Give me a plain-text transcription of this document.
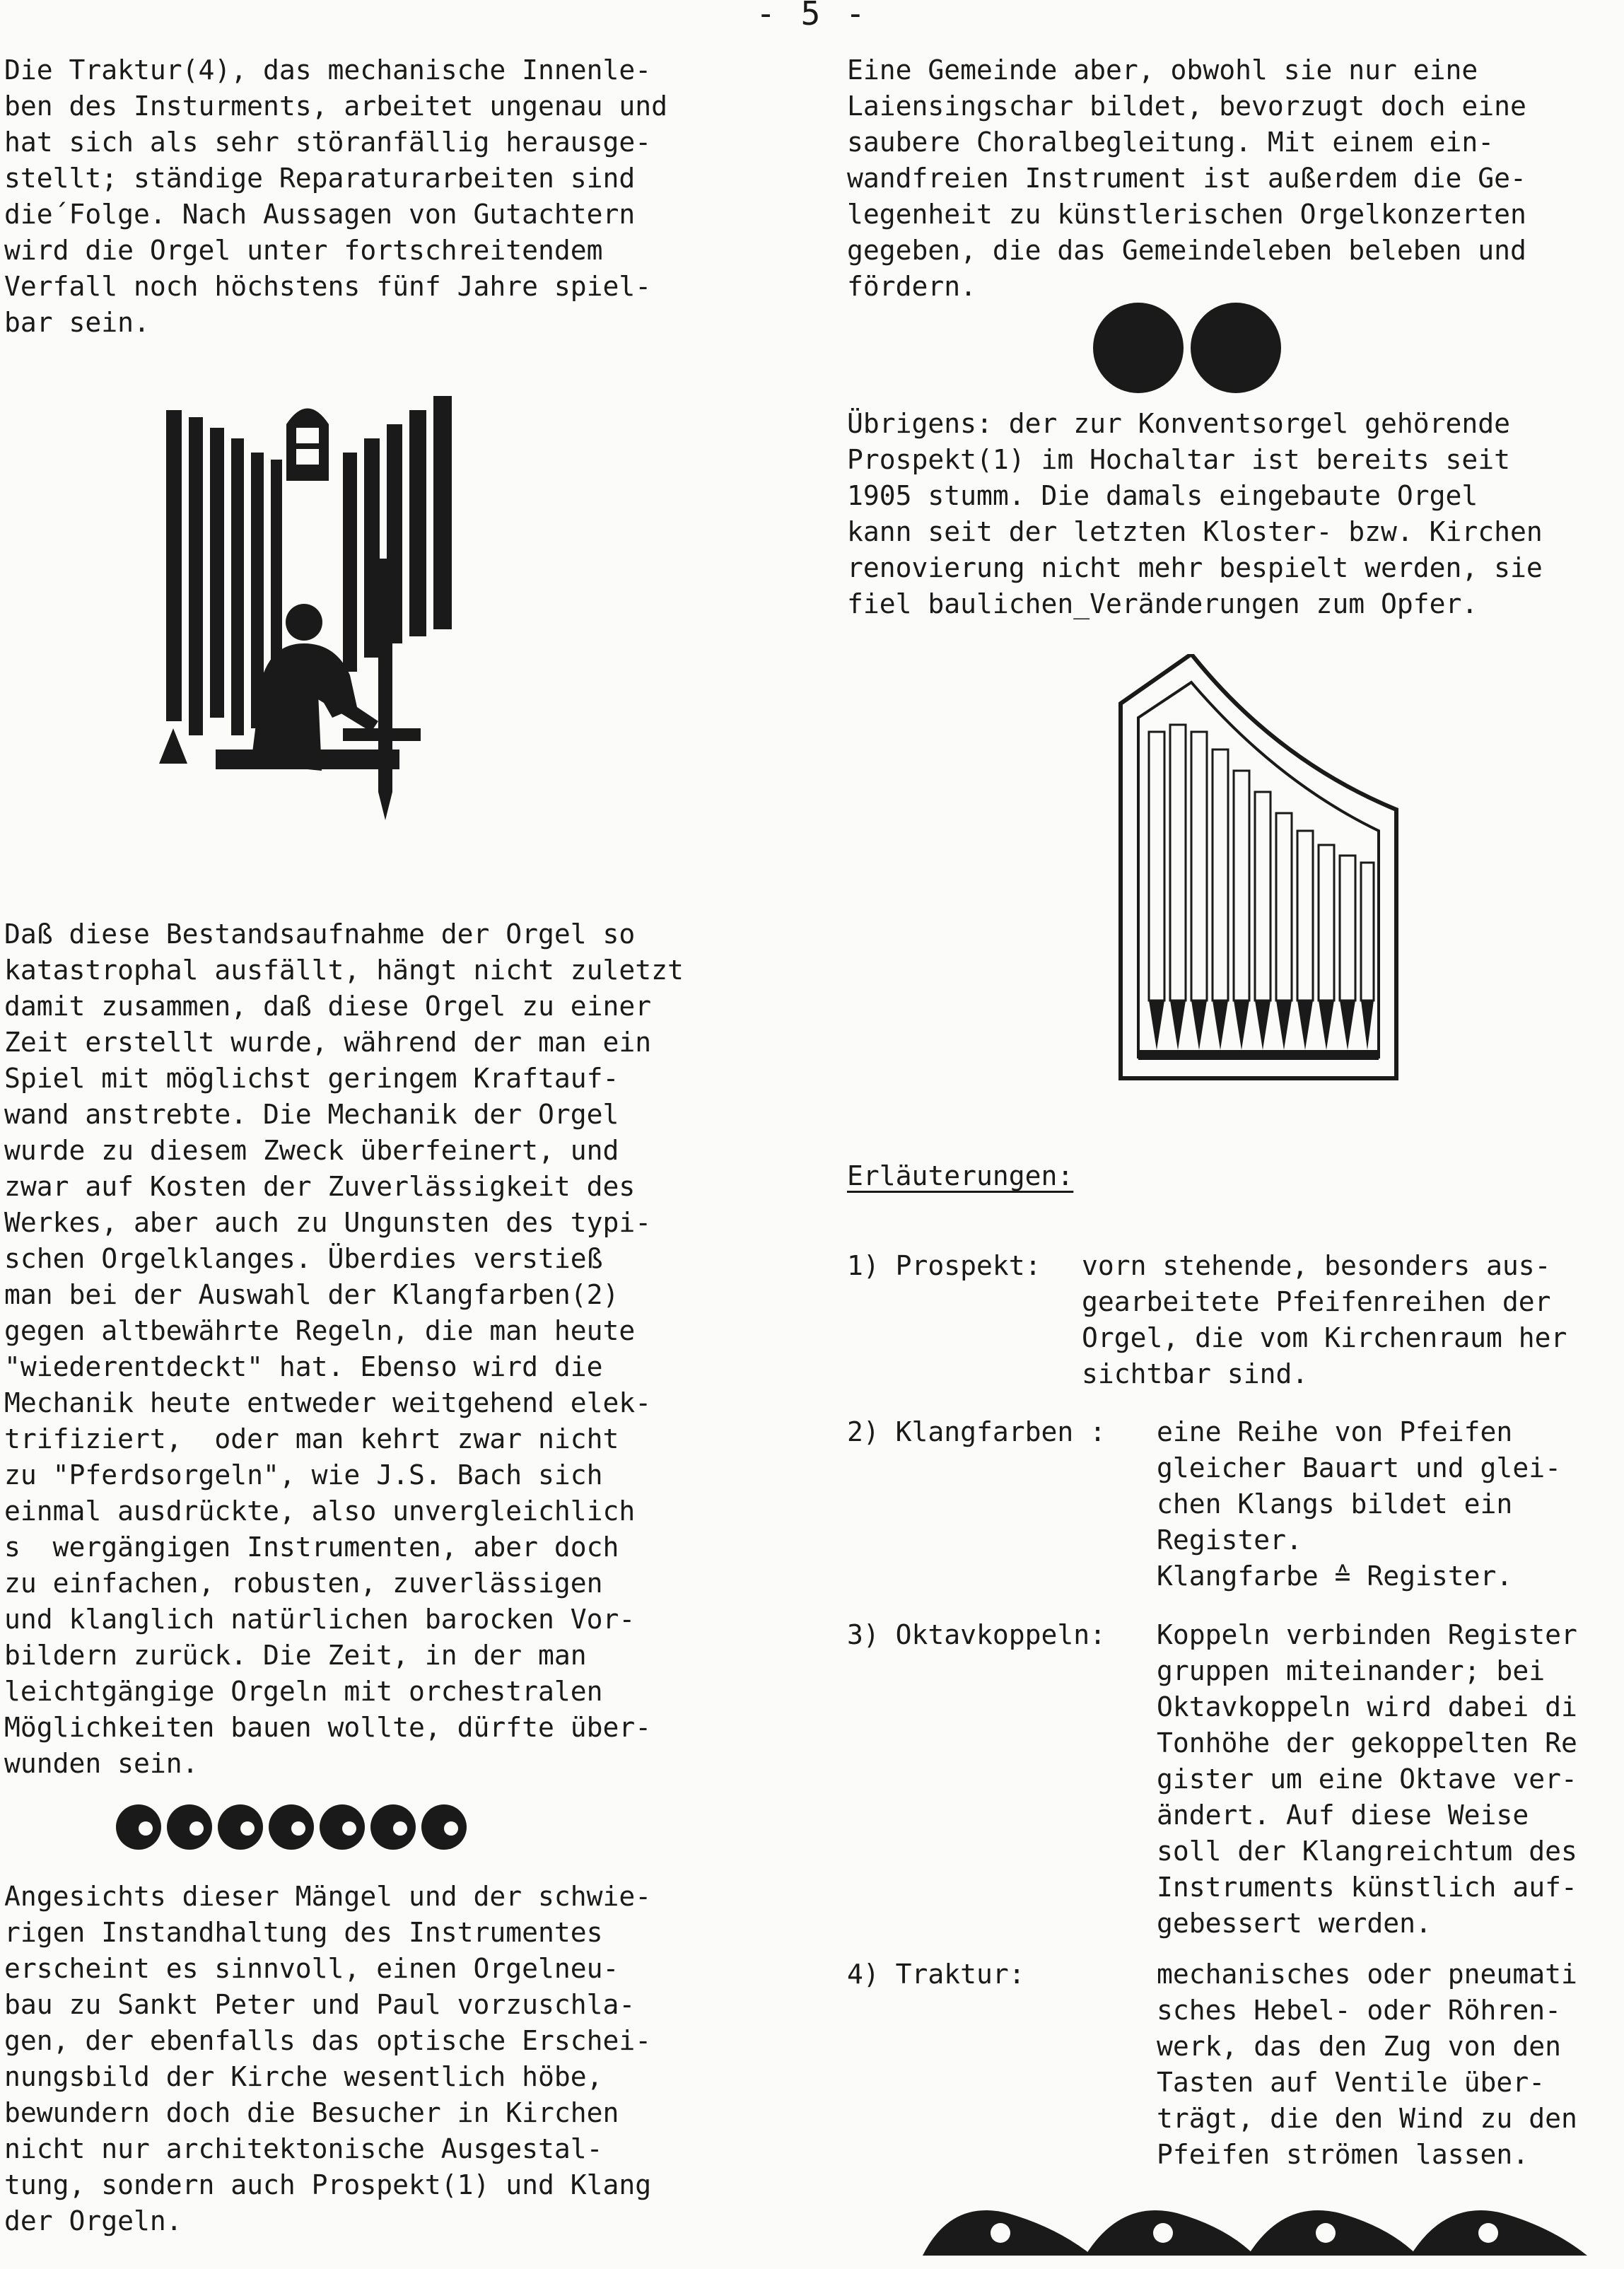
- 5 -
Die Traktur(4), das mechanische Innenle-
ben des Insturments, arbeitet ungenau und
hat sich als sehr störanfällig herausge-
stellt; ständige Reparaturarbeiten sind
die´Folge. Nach Aussagen von Gutachtern
wird die Orgel unter fortschreitendem
Verfall noch höchstens fünf Jahre spiel-
bar sein.
Daß diese Bestandsaufnahme der Orgel so
katastrophal ausfällt, hängt nicht zuletzt
damit zusammen, daß diese Orgel zu einer
Zeit erstellt wurde, während der man ein
Spiel mit möglichst geringem Kraftauf-
wand anstrebte. Die Mechanik der Orgel
wurde zu diesem Zweck überfeinert, und
zwar auf Kosten der Zuverlässigkeit des
Werkes, aber auch zu Ungunsten des typi-
schen Orgelklanges. Überdies verstieß
man bei der Auswahl der Klangfarben(2)
gegen altbewährte Regeln, die man heute
"wiederentdeckt" hat. Ebenso wird die
Mechanik heute entweder weitgehend elek-
trifiziert,  oder man kehrt zwar nicht
zu "Pferdsorgeln", wie J.S. Bach sich
einmal ausdrückte, also unvergleichlich
s  wergängigen Instrumenten, aber doch
zu einfachen, robusten, zuverlässigen
und klanglich natürlichen barocken Vor-
bildern zurück. Die Zeit, in der man
leichtgängige Orgeln mit orchestralen
Möglichkeiten bauen wollte, dürfte über-
wunden sein.
Angesichts dieser Mängel und der schwie-
rigen Instandhaltung des Instrumentes
erscheint es sinnvoll, einen Orgelneu-
bau zu Sankt Peter und Paul vorzuschla-
gen, der ebenfalls das optische Erschei-
nungsbild der Kirche wesentlich höbe,
bewundern doch die Besucher in Kirchen
nicht nur architektonische Ausgestal-
tung, sondern auch Prospekt(1) und Klang
der Orgeln.
Eine Gemeinde aber, obwohl sie nur eine
Laiensingschar bildet, bevorzugt doch eine
saubere Choralbegleitung. Mit einem ein-
wandfreien Instrument ist außerdem die Ge-
legenheit zu künstlerischen Orgelkonzerten
gegeben, die das Gemeindeleben beleben und
fördern.
Übrigens: der zur Konventsorgel gehörende
Prospekt(1) im Hochaltar ist bereits seit
1905 stumm. Die damals eingebaute Orgel
kann seit der letzten Kloster- bzw. Kirchen
renovierung nicht mehr bespielt werden, sie
fiel baulichen_Veränderungen zum Opfer.
Erläuterungen:
1) Prospekt: vorn stehende, besonders aus-
gearbeitete Pfeifenreihen der
Orgel, die vom Kirchenraum her
sichtbar sind.
2) Klangfarben : eine Reihe von Pfeifen
gleicher Bauart und glei-
chen Klangs bildet ein
Register.
Klangfarbe ≙ Register.
3) Oktavkoppeln: Koppeln verbinden Register
gruppen miteinander; bei
Oktavkoppeln wird dabei di
Tonhöhe der gekoppelten Re
gister um eine Oktave ver-
ändert. Auf diese Weise
soll der Klangreichtum des
Instruments künstlich auf-
gebessert werden.
4) Traktur:	mechanisches oder pneumati
sches Hebel- oder Röhren-
werk, das den Zug von den
Tasten auf Ventile über-
trägt, die den Wind zu den
Pfeifen strömen lassen.
